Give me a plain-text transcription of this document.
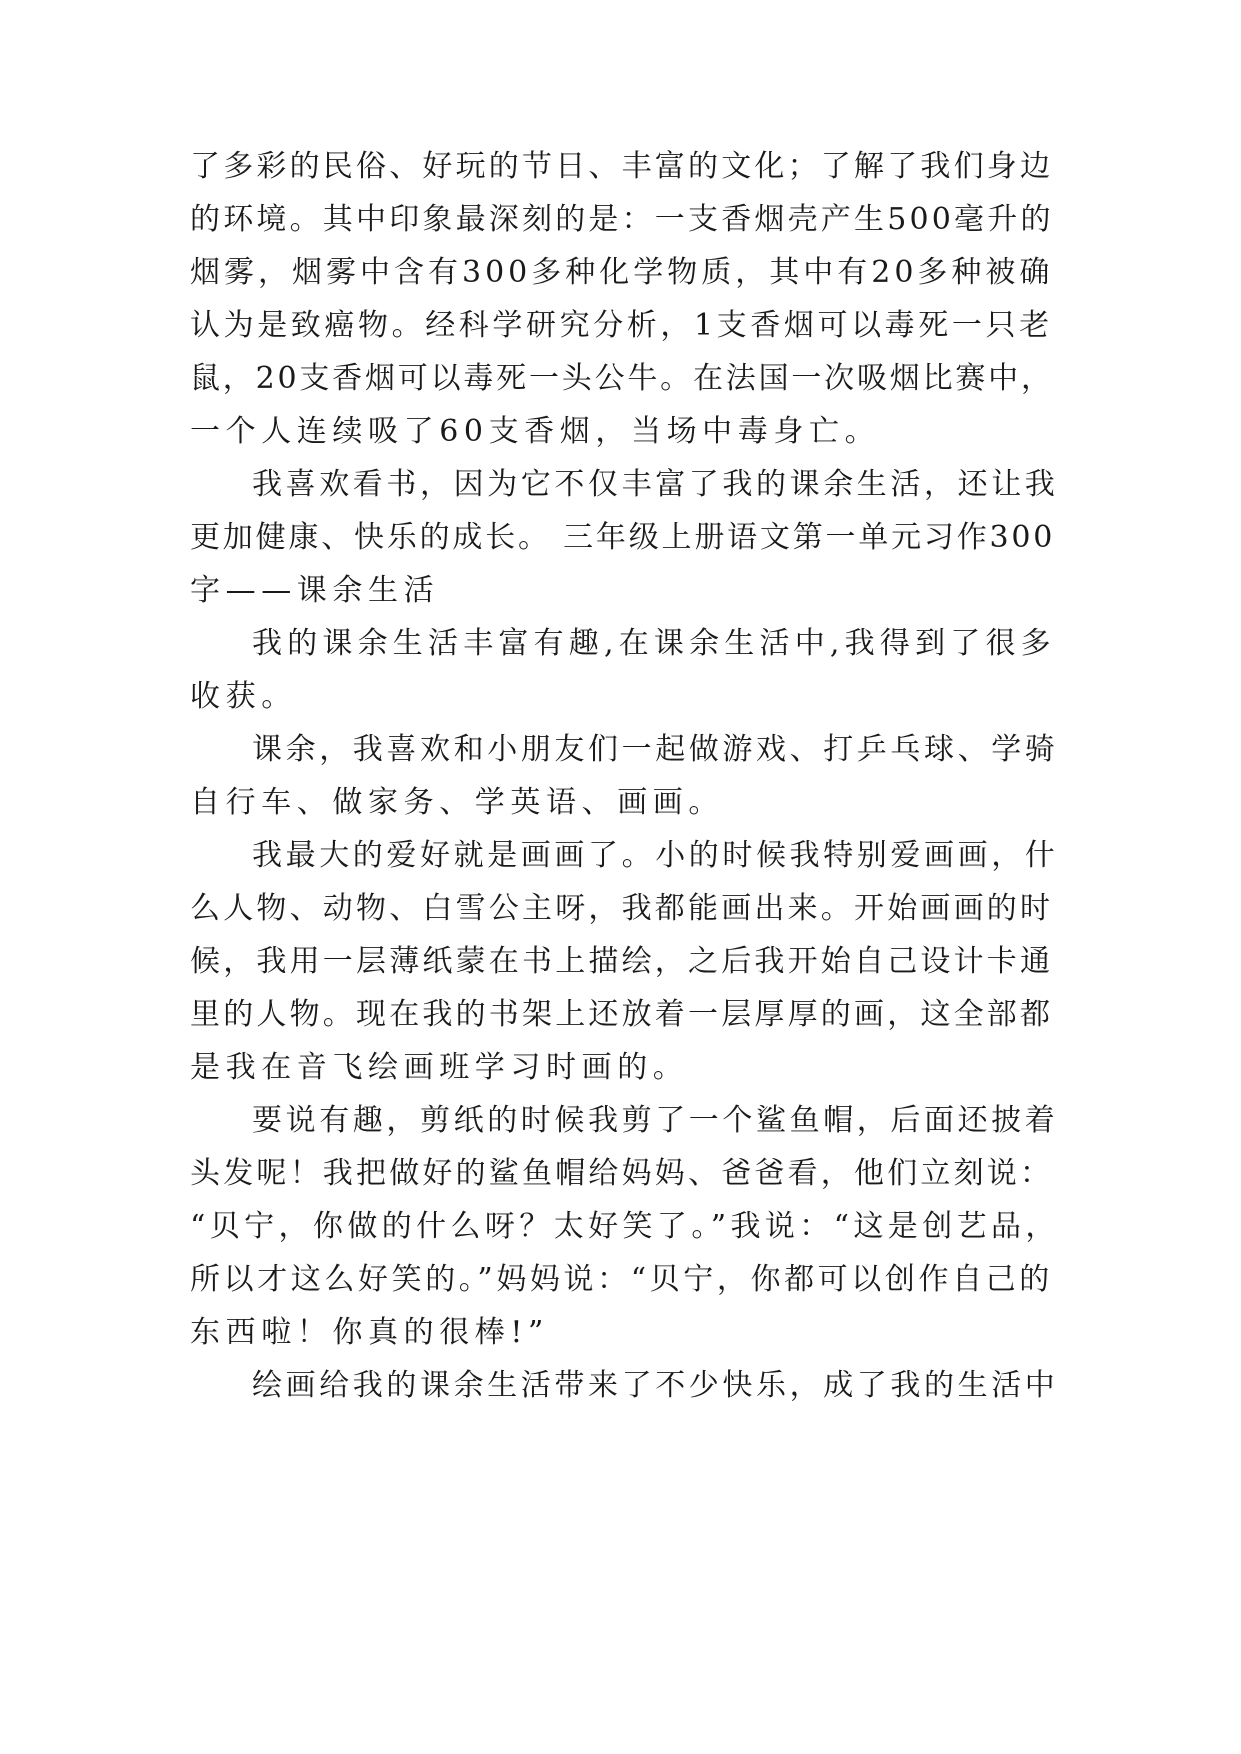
了多彩的民俗、好玩的节日、丰富的文化；了解了我们身边
的环境。其中印象最深刻的是：一支香烟壳产生500毫升的
烟雾，烟雾中含有300多种化学物质，其中有20多种被确
认为是致癌物。经科学研究分析，1支香烟可以毒死一只老
鼠，20支香烟可以毒死一头公牛。在法国一次吸烟比赛中，
一个人连续吸了60支香烟，当场中毒身亡。
我喜欢看书，因为它不仅丰富了我的课余生活，还让我
更加健康、快乐的成长。 三年级上册语文第一单元习作300
字——课余生活
我的课余生活丰富有趣,在课余生活中,我得到了很多
收获。
课余，我喜欢和小朋友们一起做游戏、打乒乓球、学骑
自行车、做家务、学英语、画画。
我最大的爱好就是画画了。小的时候我特别爱画画，什
么人物、动物、白雪公主呀，我都能画出来。开始画画的时
候，我用一层薄纸蒙在书上描绘，之后我开始自己设计卡通
里的人物。现在我的书架上还放着一层厚厚的画，这全部都
是我在音飞绘画班学习时画的。
要说有趣，剪纸的时候我剪了一个鲨鱼帽，后面还披着
头发呢！我把做好的鲨鱼帽给妈妈、爸爸看，他们立刻说：
“贝宁，你做的什么呀？太好笑了。”我说：“这是创艺品，
所以才这么好笑的。”妈妈说：“贝宁，你都可以创作自己的
东西啦！你真的很棒!”
绘画给我的课余生活带来了不少快乐，成了我的生活中
